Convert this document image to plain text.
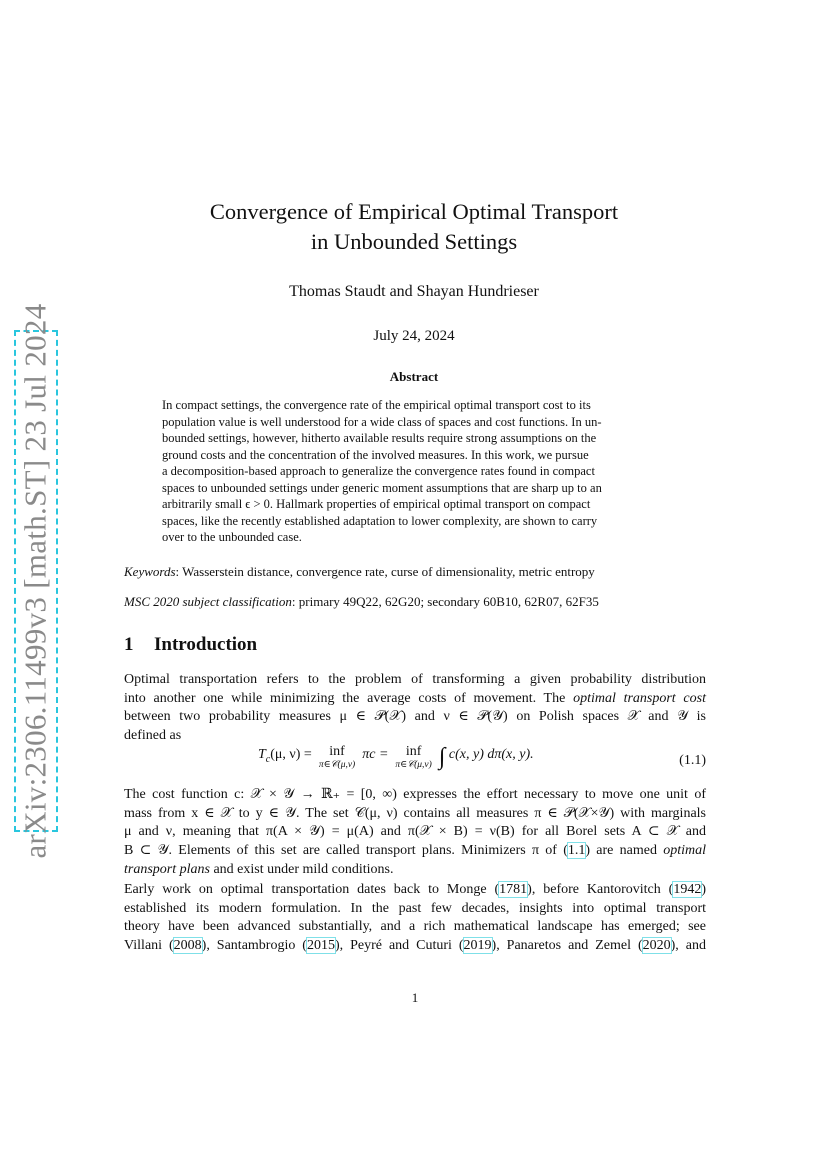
arXiv:2306.11499v3 [math.ST] 23 Jul 2024
Convergence of Empirical Optimal Transport
in Unbounded Settings
Thomas Staudt and Shayan Hundrieser
July 24, 2024
Abstract
In compact settings, the convergence rate of the empirical optimal transport cost to its
population value is well understood for a wide class of spaces and cost functions. In un-
bounded settings, however, hitherto available results require strong assumptions on the
ground costs and the concentration of the involved measures. In this work, we pursue
a decomposition-based approach to generalize the convergence rates found in compact
spaces to unbounded settings under generic moment assumptions that are sharp up to an
arbitrarily small ϵ > 0. Hallmark properties of empirical optimal transport on compact
spaces, like the recently established adaptation to lower complexity, are shown to carry
over to the unbounded case.
Keywords: Wasserstein distance, convergence rate, curse of dimensionality, metric entropy
MSC 2020 subject classification: primary 49Q22, 62G20; secondary 60B10, 62R07, 62F35
1 Introduction
Optimal transportation refers to the problem of transforming a given probability distribution
into another one while minimizing the average costs of movement. The optimal transport cost
between two probability measures μ ∈ 𝒫(𝒳) and ν ∈ 𝒫(𝒴) on Polish spaces 𝒳 and 𝒴 is
defined as
$T_c(\mu$, ν) = inf
π∈𝒞(μ,ν)
πc = inf
π∈𝒞(μ,ν) ∫ c(x, y) dπ(x, y).	(1.1)
The cost function c: 𝒳 × 𝒴 → ℝ₊ = [0, ∞) expresses the effort necessary to move one unit of
mass from x ∈ 𝒳 to y ∈ 𝒴. The set 𝒞(μ, ν) contains all measures π ∈ 𝒫(𝒳×𝒴) with marginals
μ and ν, meaning that π(A × 𝒴) = μ(A) and π(𝒳 × B) = ν(B) for all Borel sets A ⊂ 𝒳 and
B ⊂ 𝒴. Elements of this set are called transport plans. Minimizers π of (1.1) are named optimal
transport plans and exist under mild conditions.
Early work on optimal transportation dates back to Monge (1781), before Kantorovitch (1942)
established its modern formulation. In the past few decades, insights into optimal transport
theory have been advanced substantially, and a rich mathematical landscape has emerged; see
Villani (2008), Santambrogio (2015), Peyré and Cuturi (2019), Panaretos and Zemel (2020), and
1
